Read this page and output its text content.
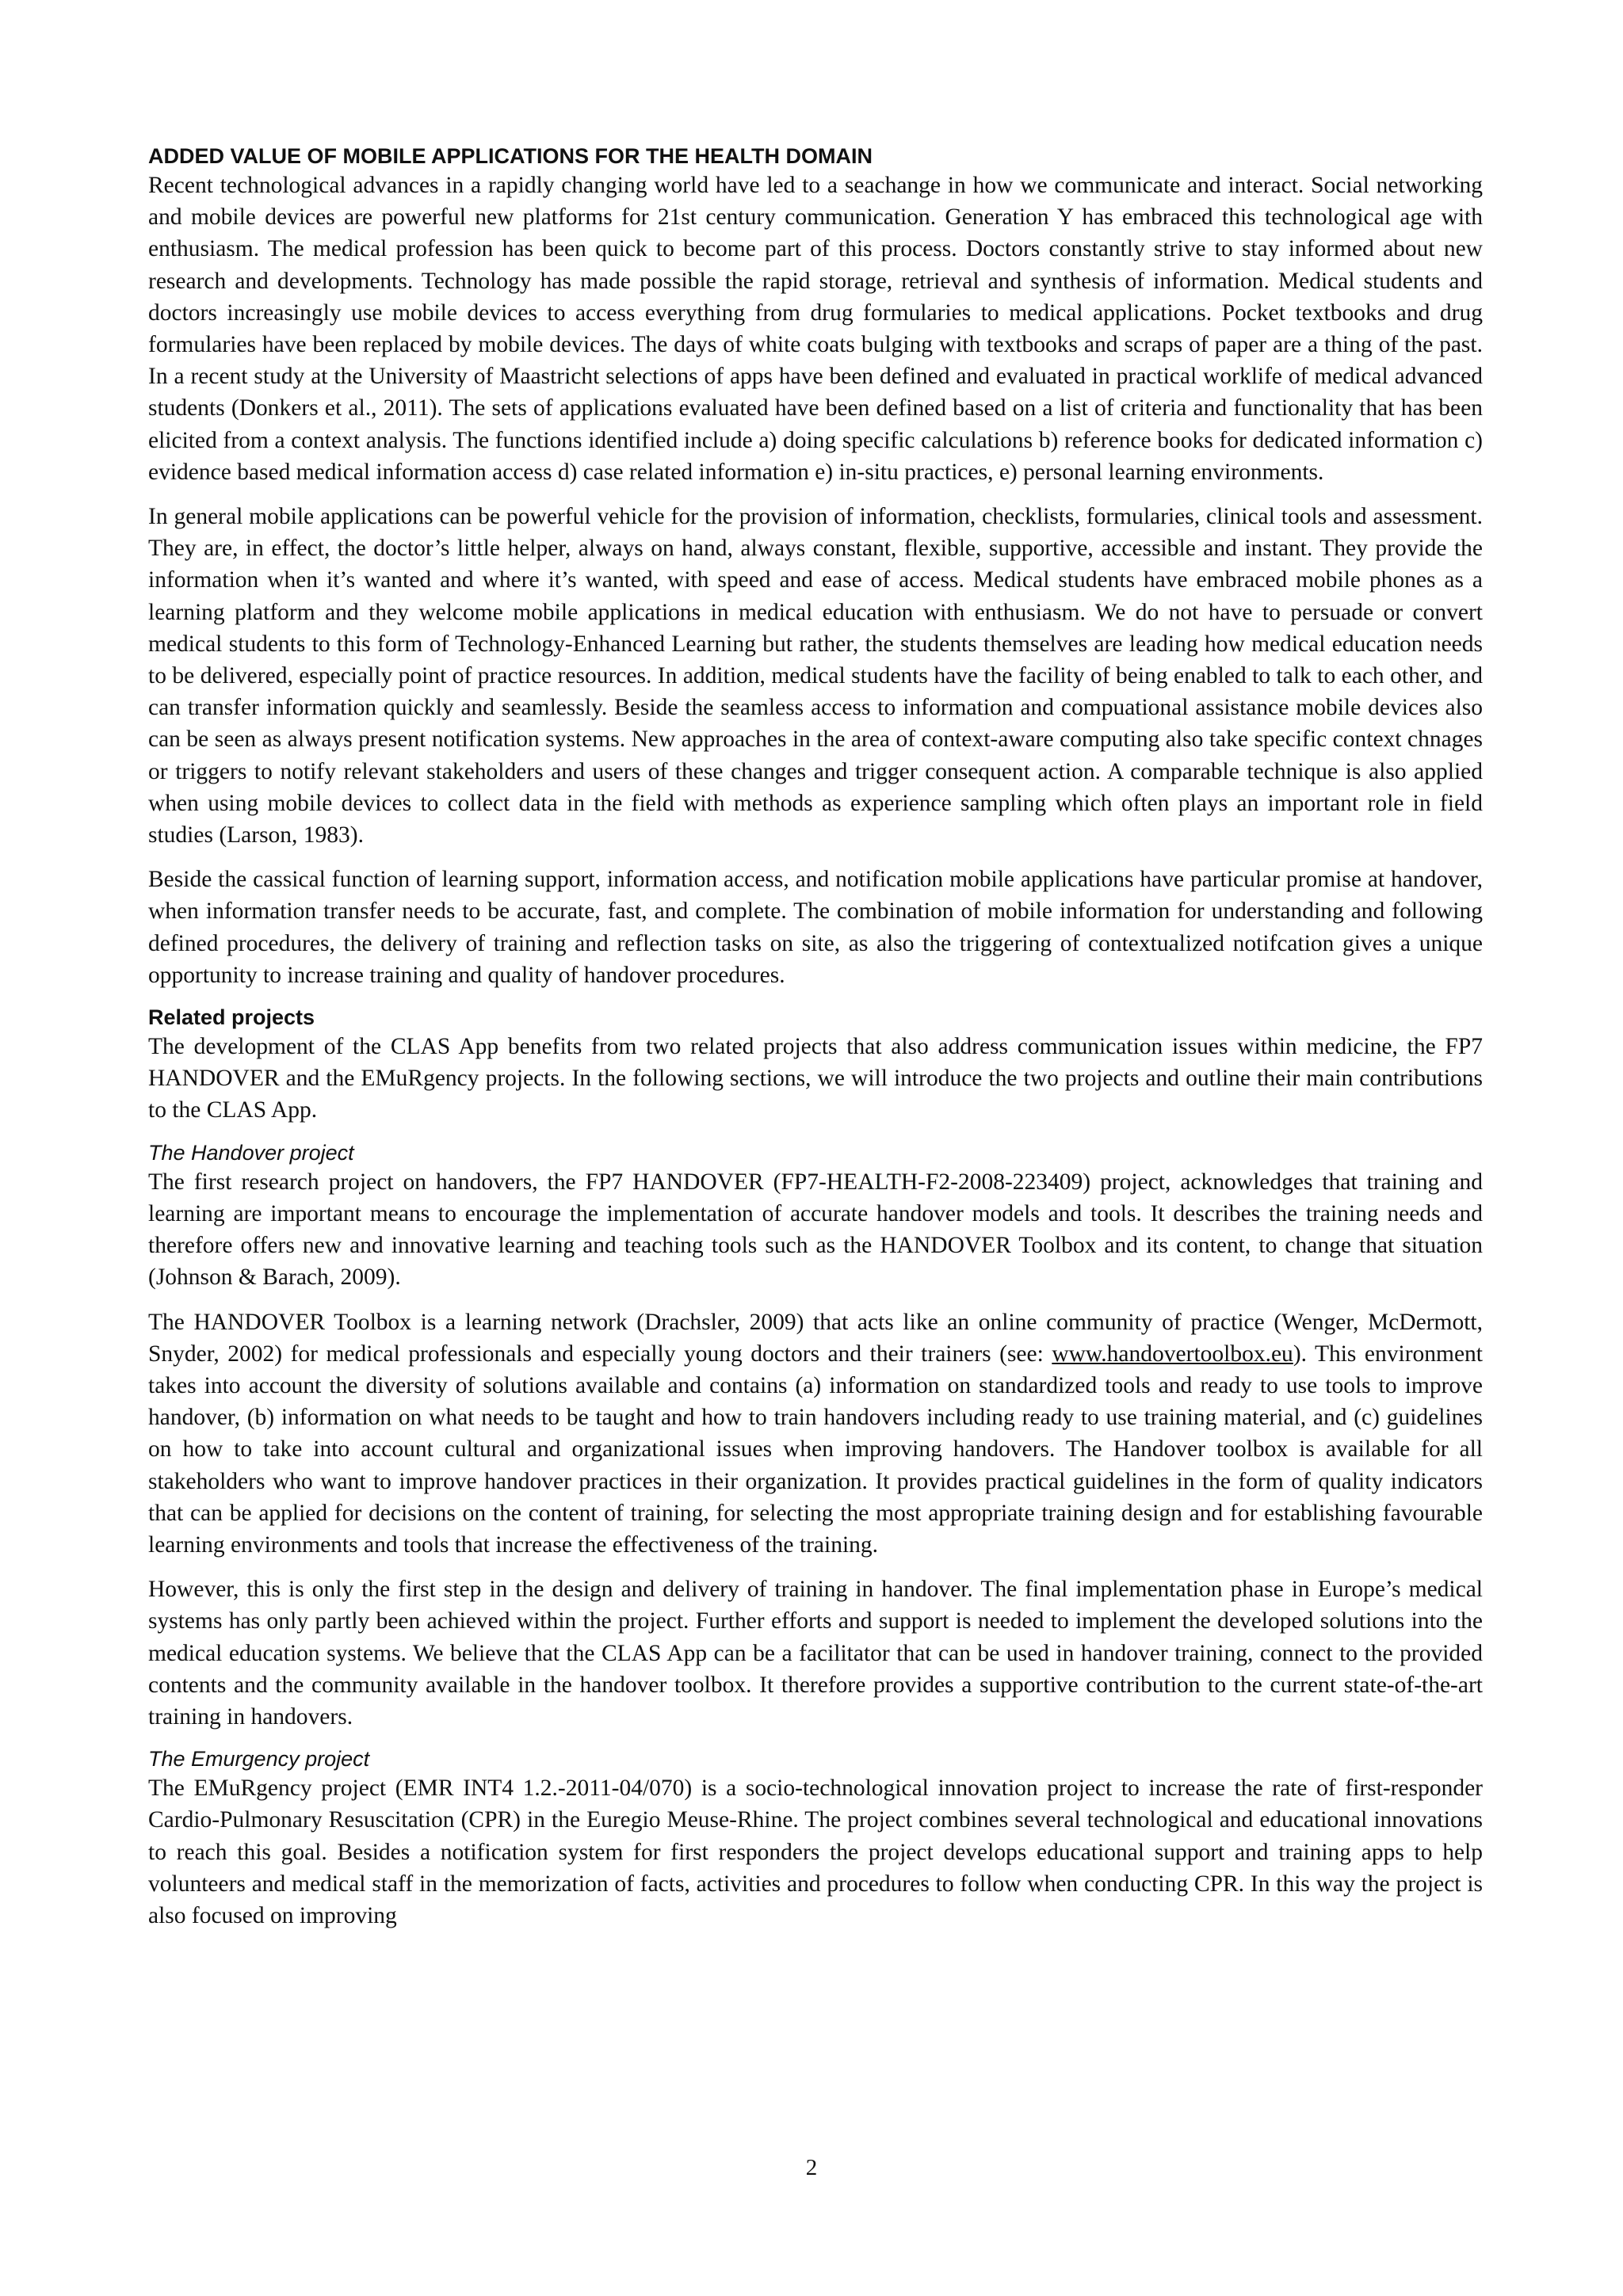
ADDED VALUE OF MOBILE APPLICATIONS FOR THE HEALTH DOMAIN

Recent technological advances in a rapidly changing world have led to a seachange in how we communicate and interact. Social networking and mobile devices are powerful new platforms for 21st century communication. Generation Y has embraced this technological age with enthusiasm. The medical profession has been quick to become part of this process. Doctors constantly strive to stay informed about new research and developments. Technology has made possible the rapid storage, retrieval and synthesis of information. Medical students and doctors increasingly use mobile devices to access everything from drug formularies to medical applications. Pocket textbooks and drug formularies have been replaced by mobile devices. The days of white coats bulging with textbooks and scraps of paper are a thing of the past. In a recent study at the University of Maastricht selections of apps have been defined and evaluated in practical worklife of medical advanced students (Donkers et al., 2011). The sets of applications evaluated have been defined based on a list of criteria and functionality that has been elicited from a context analysis. The functions identified include a) doing specific calculations b) reference books for dedicated information c) evidence based medical information access d) case related information e) in-situ practices, e) personal learning environments.

In general mobile applications can be powerful vehicle for the provision of information, checklists, formularies, clinical tools and assessment. They are, in effect, the doctor’s little helper, always on hand, always constant, flexible, supportive, accessible and instant. They provide the information when it’s wanted and where it’s wanted, with speed and ease of access. Medical students have embraced mobile phones as a learning platform and they welcome mobile applications in medical education with enthusiasm. We do not have to persuade or convert medical students to this form of Technology-Enhanced Learning but rather, the students themselves are leading how medical education needs to be delivered, especially point of practice resources. In addition, medical students have the facility of being enabled to talk to each other, and can transfer information quickly and seamlessly. Beside the seamless access to information and compuational assistance mobile devices also can be seen as always present notification systems. New approaches in the area of context-aware computing also take specific context chnages or triggers to notify relevant stakeholders and users of these changes and trigger consequent action. A comparable technique is also applied when using mobile devices to collect data in the field with methods as experience sampling which often plays an important role in field studies (Larson, 1983).

Beside the cassical function of learning support, information access, and notification mobile applications have particular promise at handover, when information transfer needs to be accurate, fast, and complete. The combination of mobile information for understanding and following defined procedures, the delivery of training and reflection tasks on site, as also the triggering of contextualized notifcation gives a unique opportunity to increase training and quality of handover procedures.

Related projects

The development of the CLAS App benefits from two related projects that also address communication issues within medicine, the FP7 HANDOVER and the EMuRgency projects. In the following sections, we will introduce the two projects and outline their main contributions to the CLAS App.

The Handover project

The first research project on handovers, the FP7 HANDOVER (FP7-HEALTH-F2-2008-223409) project, acknowledges that training and learning are important means to encourage the implementation of accurate handover models and tools. It describes the training needs and therefore offers new and innovative learning and teaching tools such as the HANDOVER Toolbox and its content, to change that situation (Johnson & Barach, 2009).

The HANDOVER Toolbox is a learning network (Drachsler, 2009) that acts like an online community of practice (Wenger, McDermott, Snyder, 2002) for medical professionals and especially young doctors and their trainers (see: www.handovertoolbox.eu). This environment takes into account the diversity of solutions available and contains (a) information on standardized tools and ready to use tools to improve handover, (b) information on what needs to be taught and how to train handovers including ready to use training material, and (c) guidelines on how to take into account cultural and organizational issues when improving handovers. The Handover toolbox is available for all stakeholders who want to improve handover practices in their organization. It provides practical guidelines in the form of quality indicators that can be applied for decisions on the content of training, for selecting the most appropriate training design and for establishing favourable learning environments and tools that increase the effectiveness of the training.

However, this is only the first step in the design and delivery of training in handover. The final implementation phase in Europe’s medical systems has only partly been achieved within the project. Further efforts and support is needed to implement the developed solutions into the medical education systems. We believe that the CLAS App can be a facilitator that can be used in handover training, connect to the provided contents and the community available in the handover toolbox. It therefore provides a supportive contribution to the current state-of-the-art training in handovers.

The Emurgency project

The EMuRgency project (EMR INT4 1.2.-2011-04/070) is a socio-technological innovation project to increase the rate of first-responder Cardio-Pulmonary Resuscitation (CPR) in the Euregio Meuse-Rhine. The project combines several technological and educational innovations to reach this goal. Besides a notification system for first responders the project develops educational support and training apps to help volunteers and medical staff in the memorization of facts, activities and procedures to follow when conducting CPR. In this way the project is also focused on improving

2
